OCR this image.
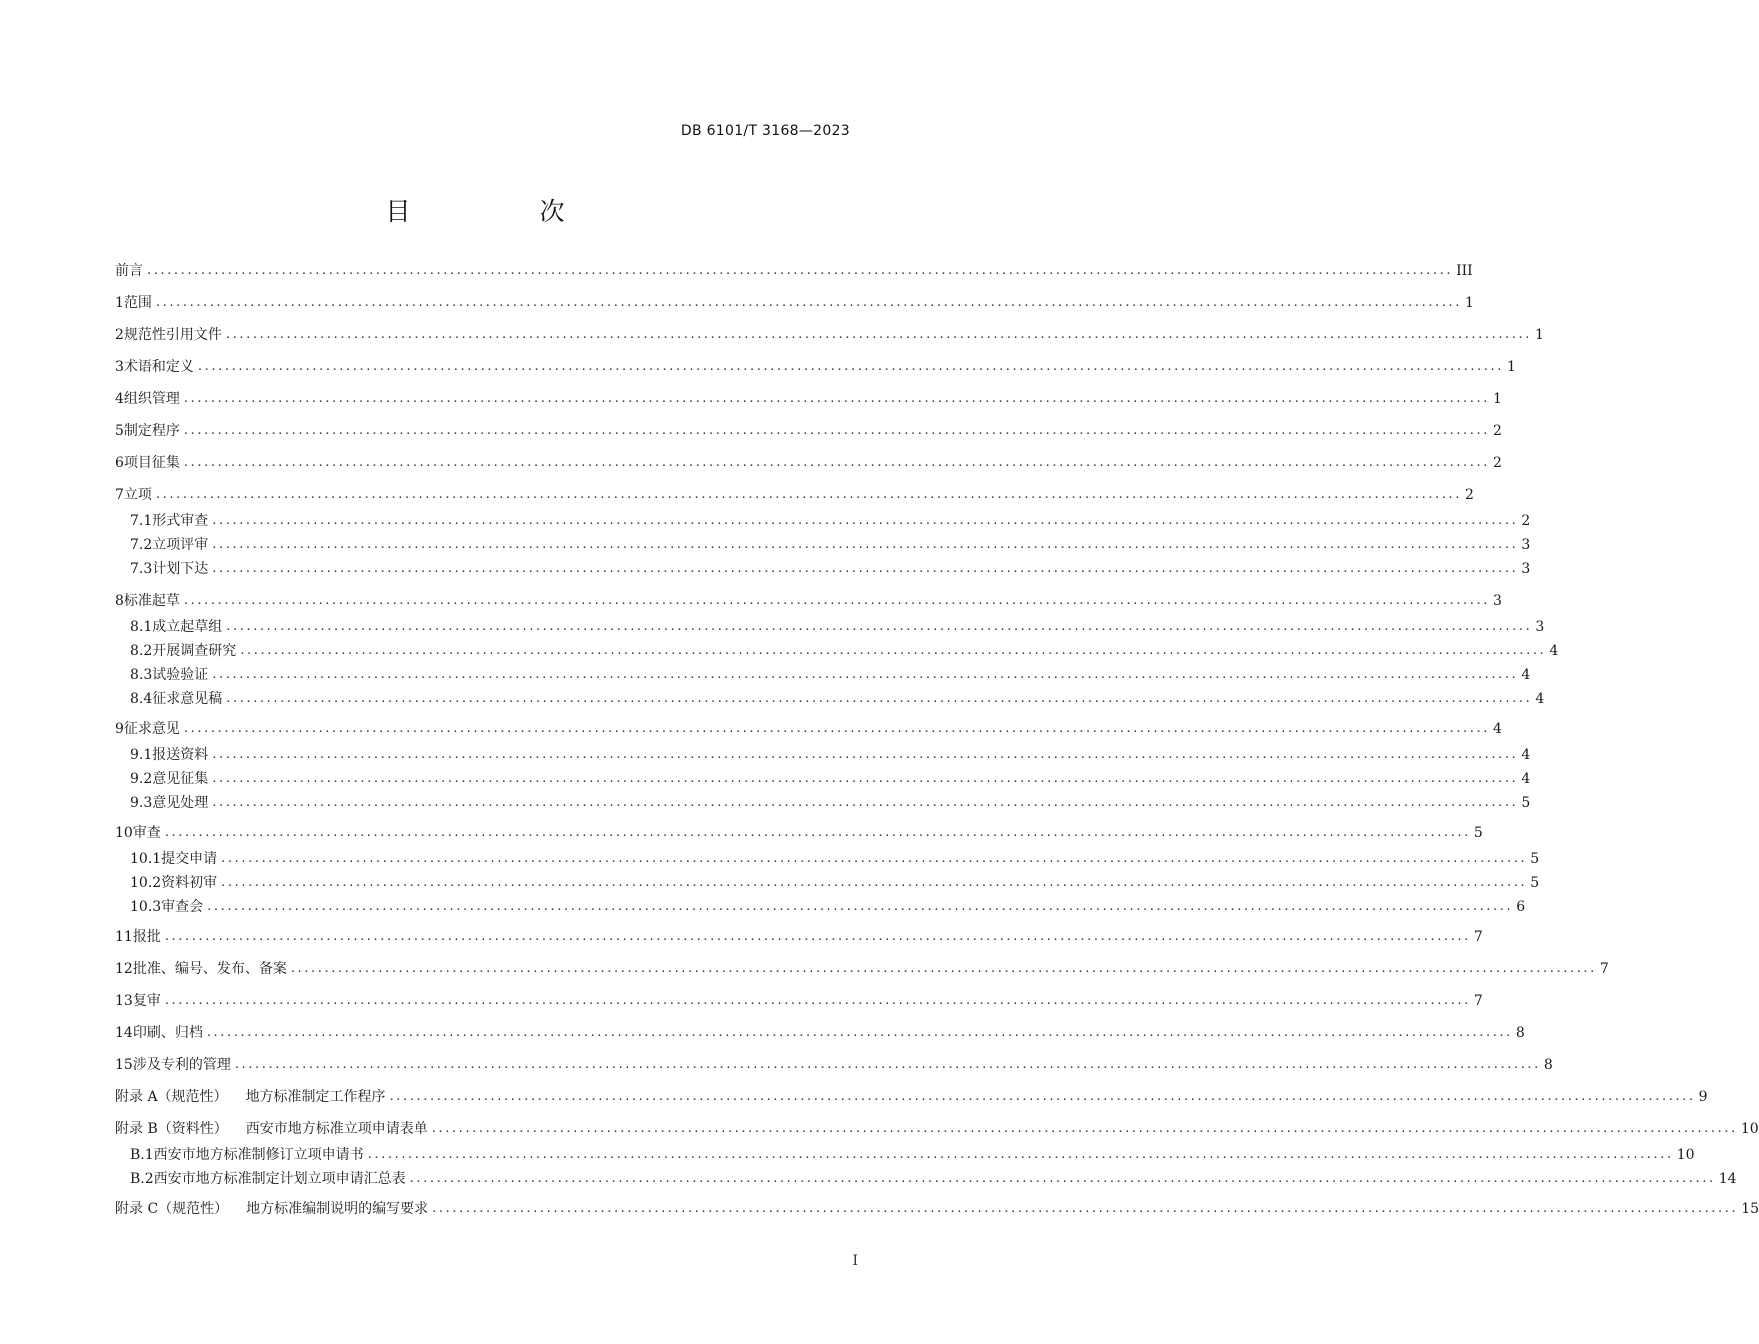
DB 6101/T 3168—2023
目　次
前言 .................................................................................................................................................................................................. III
1 范围 .................................................................................................................................................................................................. 1
2 规范性引用文件 .................................................................................................................................................................................................. 1
3 术语和定义 .................................................................................................................................................................................................. 1
4 组织管理 .................................................................................................................................................................................................. 1
5 制定程序 .................................................................................................................................................................................................. 2
6 项目征集 .................................................................................................................................................................................................. 2
7 立项 .................................................................................................................................................................................................. 2
7.1 形式审查 .................................................................................................................................................................................................. 2
7.2 立项评审 .................................................................................................................................................................................................. 3
7.3 计划下达 .................................................................................................................................................................................................. 3
8 标准起草 .................................................................................................................................................................................................. 3
8.1 成立起草组 .................................................................................................................................................................................................. 3
8.2 开展调查研究 .................................................................................................................................................................................................. 4
8.3 试验验证 .................................................................................................................................................................................................. 4
8.4 征求意见稿 .................................................................................................................................................................................................. 4
9 征求意见 .................................................................................................................................................................................................. 4
9.1 报送资料 .................................................................................................................................................................................................. 4
9.2 意见征集 .................................................................................................................................................................................................. 4
9.3 意见处理 .................................................................................................................................................................................................. 5
10 审查 .................................................................................................................................................................................................. 5
10.1 提交申请 .................................................................................................................................................................................................. 5
10.2 资料初审 .................................................................................................................................................................................................. 5
10.3 审查会 .................................................................................................................................................................................................. 6
11 报批 .................................................................................................................................................................................................. 7
12 批准、编号、发布、备案 .................................................................................................................................................................................................. 7
13 复审 .................................................................................................................................................................................................. 7
14 印刷、归档 .................................................................................................................................................................................................. 8
15 涉及专利的管理 .................................................................................................................................................................................................. 8
附录 A（规范性）	地方标准制定工作程序 .................................................................................................................................................................................................. 9
附录 B（资料性）	西安市地方标准立项申请表单 .................................................................................................................................................................................................. 10
B.1 西安市地方标准制修订立项申请书 .................................................................................................................................................................................................. 10
B.2 西安市地方标准制定计划立项申请汇总表 .................................................................................................................................................................................................. 14
附录 C（规范性）	地方标准编制说明的编写要求 .................................................................................................................................................................................................. 15
I
